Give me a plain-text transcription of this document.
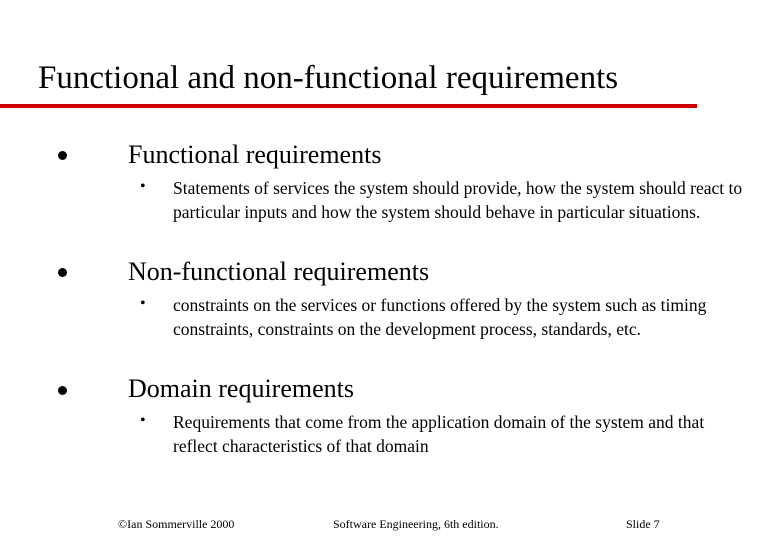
Functional and non-functional requirements
Functional requirements
• Statements of services the system should provide, how the system should react to particular inputs and how the system should behave in particular situations.
Non-functional requirements
• constraints on the services or functions offered by the system such as timing constraints, constraints on the development process, standards, etc.
Domain requirements
• Requirements that come from the application domain of the system and that reflect characteristics of that domain
©Ian Sommerville 2000	Software Engineering, 6th edition.	Slide 7
